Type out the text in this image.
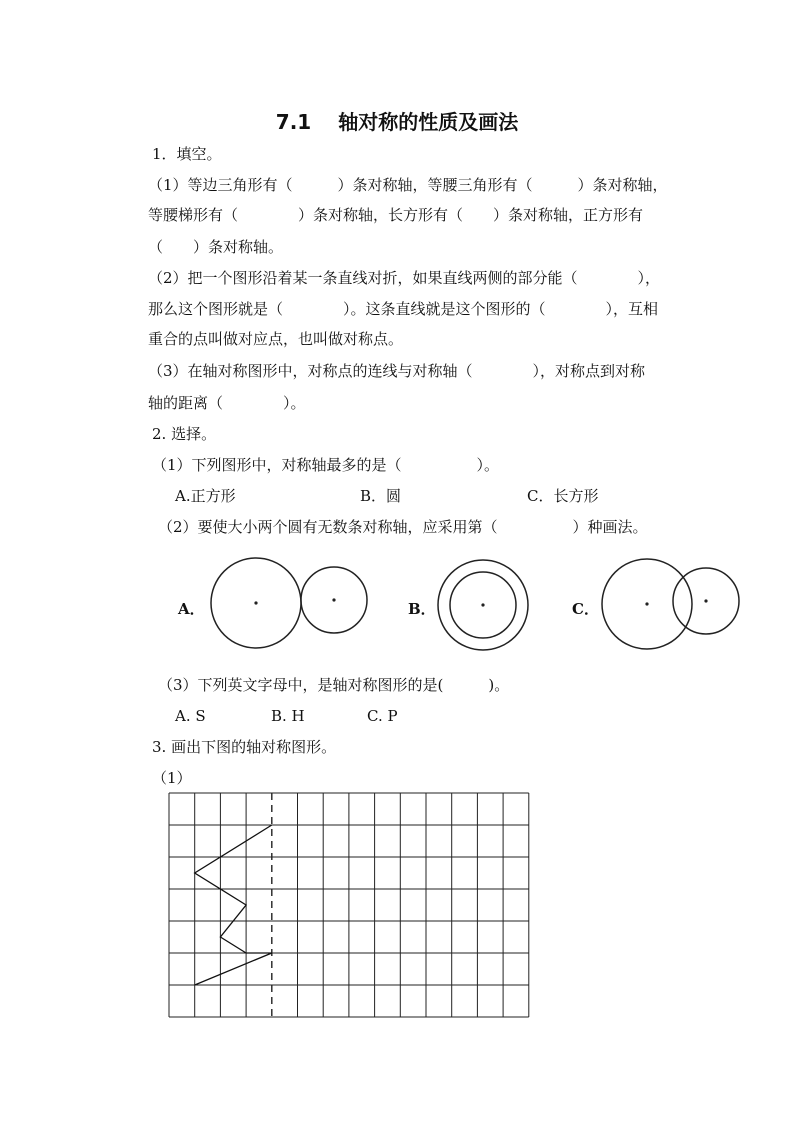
7.1　 轴对称的性质及画法
1．填空。
（1）等边三角形有（　　　）条对称轴，等腰三角形有（　　　）条对称轴，
等腰梯形有（　　　　）条对称轴，长方形有（　　）条对称轴，正方形有
（　　）条对称轴。
（2）把一个图形沿着某一条直线对折，如果直线两侧的部分能（　　　　），
那么这个图形就是（　　　　）。这条直线就是这个图形的（　　　　），互相
重合的点叫做对应点，也叫做对称点。
（3）在轴对称图形中，对称点的连线与对称轴（　　　　），对称点到对称
轴的距离（　　　　）。
2. 选择。
（1）下列图形中，对称轴最多的是（　　　　　）。
A.正方形	B．圆	C．长方形
（2）要使大小两个圆有无数条对称轴，应采用第（　　　　　）种画法。
A．	B．	C．
（3）下列英文字母中，是轴对称图形的是(　　　)。
A. S	B. H	C. P
3. 画出下图的轴对称图形。
（1）
